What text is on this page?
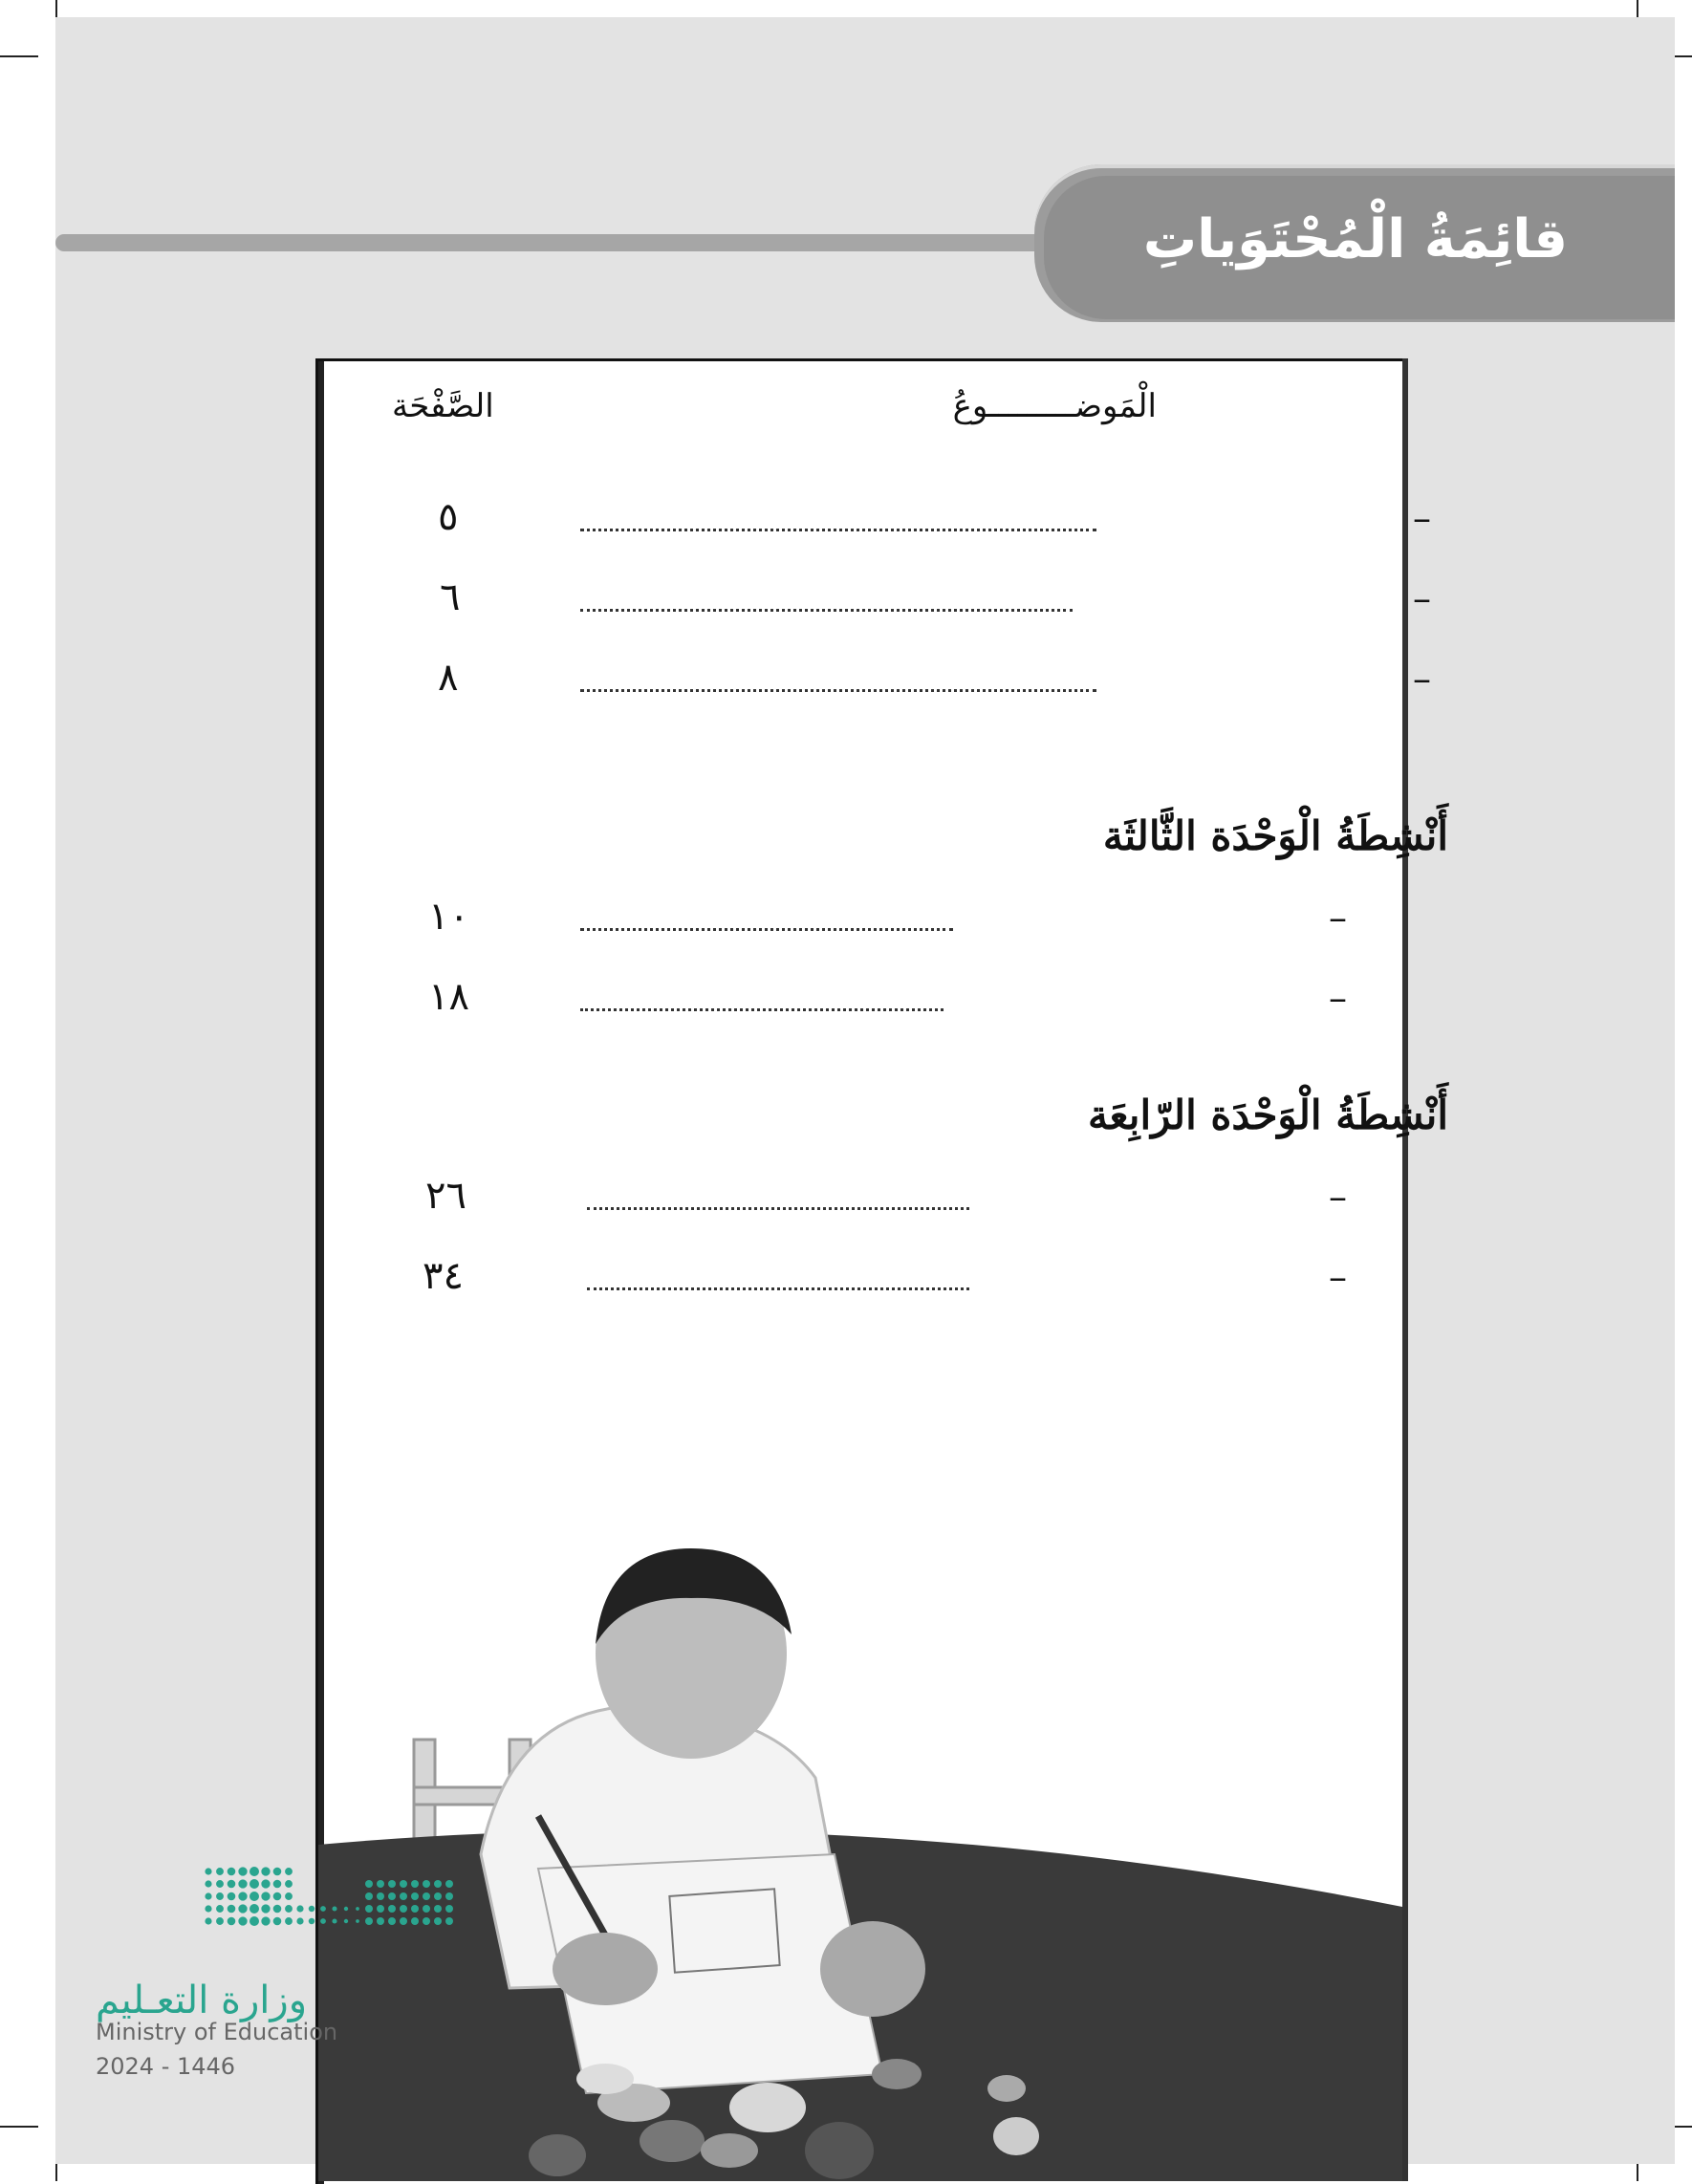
قائِمَةُ الْمُحْتَوَياتِ
الْمَوضـــــــــوعُ
الصَّفْحَة
–
٥
–
٦
–
٨
أَنْشِطَةُ الْوَحْدَة الثَّالثَة
–
١٠
–
١٨
أَنْشِطَةُ الْوَحْدَة الرّابِعَة
–
٢٦
–
٣٤
وزارة التعـليم
Ministry of Education
2024 - 1446
